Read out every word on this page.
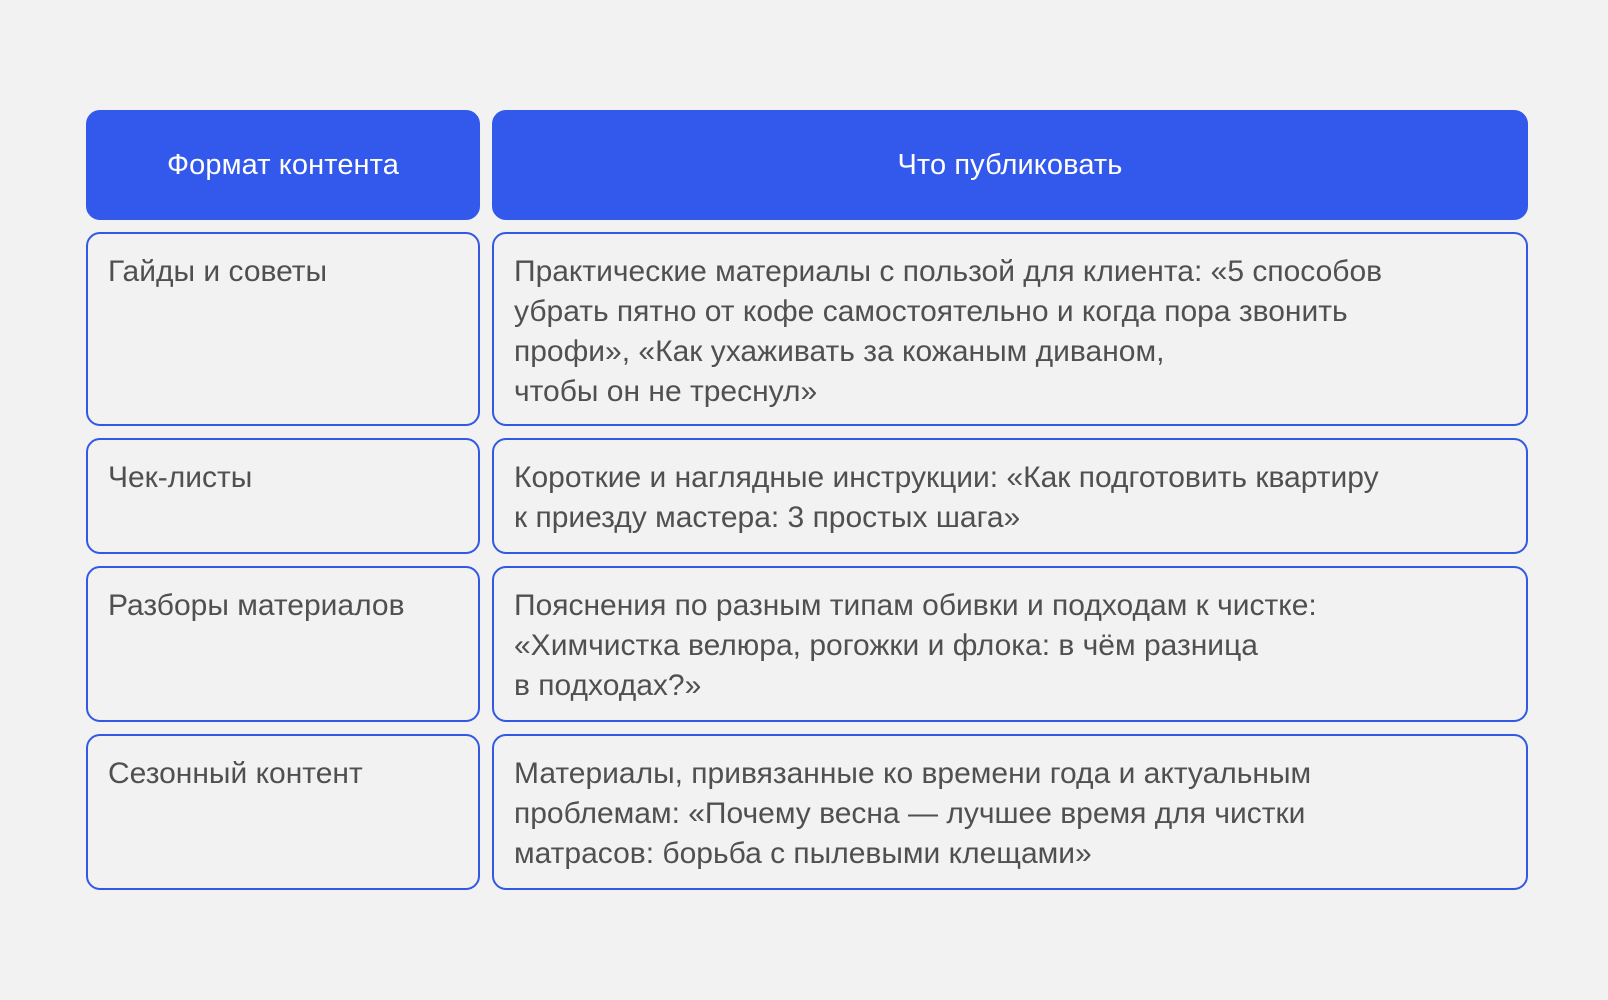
Формат контента	Что публиковать
Гайды и советы	Практические материалы с пользой для клиента: «5 способов
убрать пятно от кофе самостоятельно и когда пора звонить
профи», «Как ухаживать за кожаным диваном,
чтобы он не треснул»
Чек-листы	Короткие и наглядные инструкции: «Как подготовить квартиру
к приезду мастера: 3 простых шага»
Разборы материалов	Пояснения по разным типам обивки и подходам к чистке:
«Химчистка велюра, рогожки и флока: в чём разница
в подходах?»
Сезонный контент	Материалы, привязанные ко времени года и актуальным
проблемам: «Почему весна — лучшее время для чистки
матрасов: борьба с пылевыми клещами»
